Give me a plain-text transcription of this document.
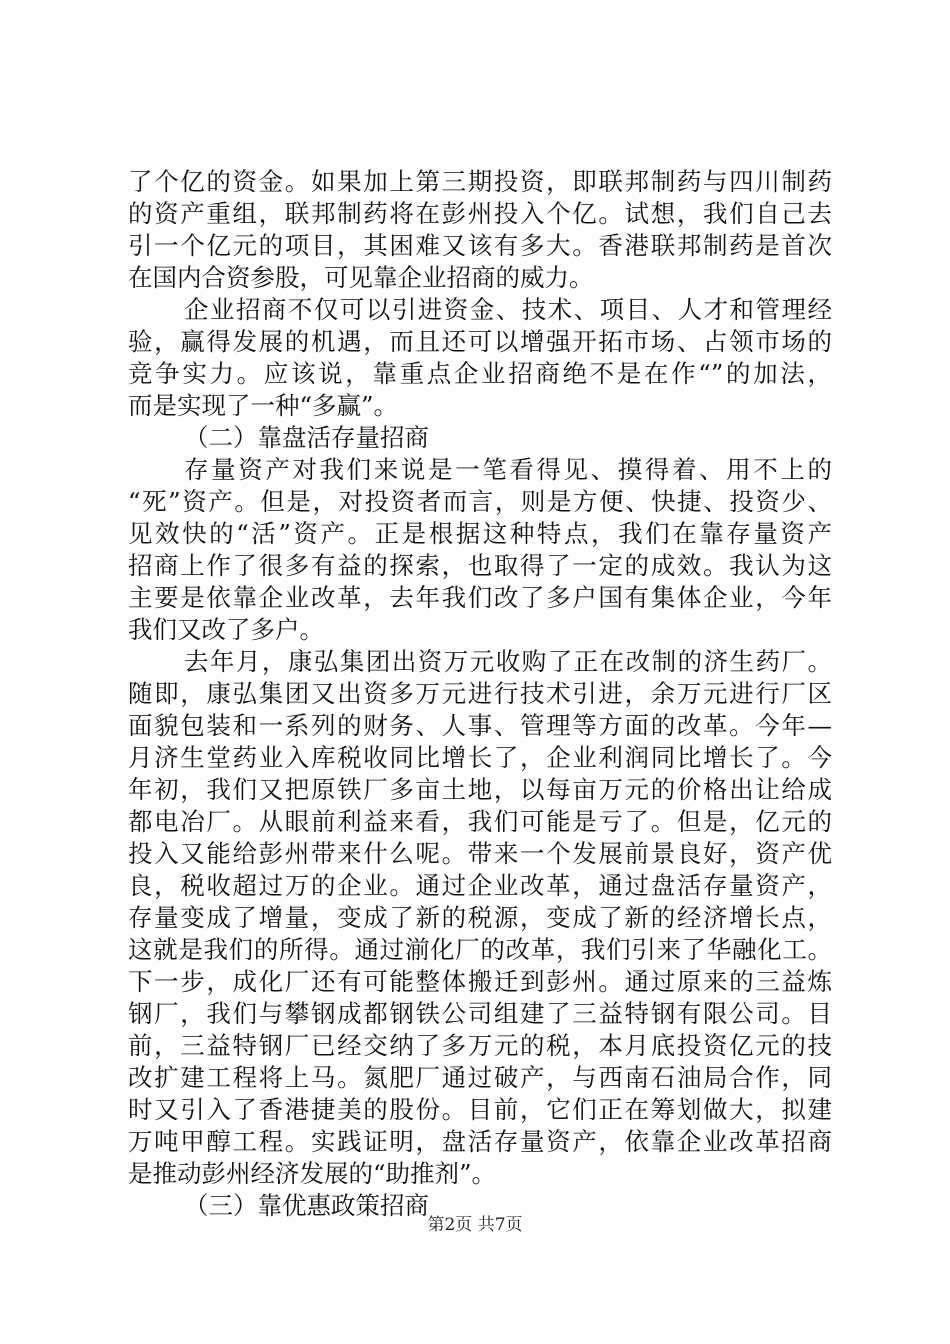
了个亿的资金。如果加上第三期投资，即联邦制药与四川制药
的资产重组，联邦制药将在彭州投入个亿。试想，我们自己去
引一个亿元的项目，其困难又该有多大。香港联邦制药是首次
在国内合资参股，可见靠企业招商的威力。
企业招商不仅可以引进资金、技术、项目、人才和管理经
验，赢得发展的机遇，而且还可以增强开拓市场、占领市场的
竞争实力。应该说，靠重点企业招商绝不是在作“”的加法，
而是实现了一种“多赢”。
（二）靠盘活存量招商
存量资产对我们来说是一笔看得见、摸得着、用不上的
“死”资产。但是，对投资者而言，则是方便、快捷、投资少、
见效快的“活”资产。正是根据这种特点，我们在靠存量资产
招商上作了很多有益的探索，也取得了一定的成效。我认为这
主要是依靠企业改革，去年我们改了多户国有集体企业，今年
我们又改了多户。
去年月，康弘集团出资万元收购了正在改制的济生药厂。
随即，康弘集团又出资多万元进行技术引进，余万元进行厂区
面貌包装和一系列的财务、人事、管理等方面的改革。今年—
月济生堂药业入库税收同比增长了，企业利润同比增长了。今
年初，我们又把原铁厂多亩土地，以每亩万元的价格出让给成
都电冶厂。从眼前利益来看，我们可能是亏了。但是，亿元的
投入又能给彭州带来什么呢。带来一个发展前景良好，资产优
良，税收超过万的企业。通过企业改革，通过盘活存量资产，
存量变成了增量，变成了新的税源，变成了新的经济增长点，
这就是我们的所得。通过湔化厂的改革，我们引来了华融化工。
下一步，成化厂还有可能整体搬迁到彭州。通过原来的三益炼
钢厂，我们与攀钢成都钢铁公司组建了三益特钢有限公司。目
前，三益特钢厂已经交纳了多万元的税，本月底投资亿元的技
改扩建工程将上马。氮肥厂通过破产，与西南石油局合作，同
时又引入了香港捷美的股份。目前，它们正在筹划做大，拟建
万吨甲醇工程。实践证明，盘活存量资产，依靠企业改革招商
是推动彭州经济发展的“助推剂”。
（三）靠优惠政策招商
第2页 共7页
